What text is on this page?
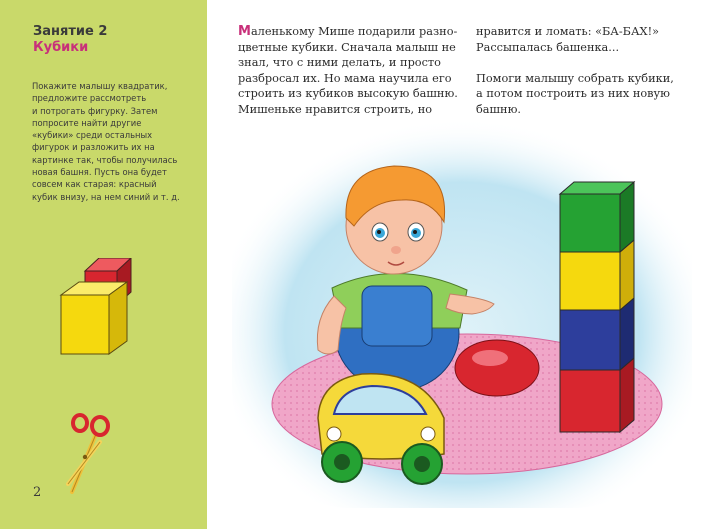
Занятие 2
Кубики
Покажите малышу квадратик,
предложите рассмотреть
и потрогать фигурку. Затем
попросите найти другие
«кубики» среди остальных
фигурок и разложить их на
картинке так, чтобы получилась
новая башня. Пусть она будет
совсем как старая: красный
кубик внизу, на нем синий и т. д.
2
Маленькому Мише подарили разно-
цветные кубики. Сначала малыш не
знал, что с ними делать, и просто
разбросал их. Но мама научила его
строить из кубиков высокую башню.
Мишеньке нравится строить, но
нравится и ломать: «БА-БАХ!»
Рассыпалась башенка...
Помоги малышу собрать кубики,
а потом построить из них новую
башню.
